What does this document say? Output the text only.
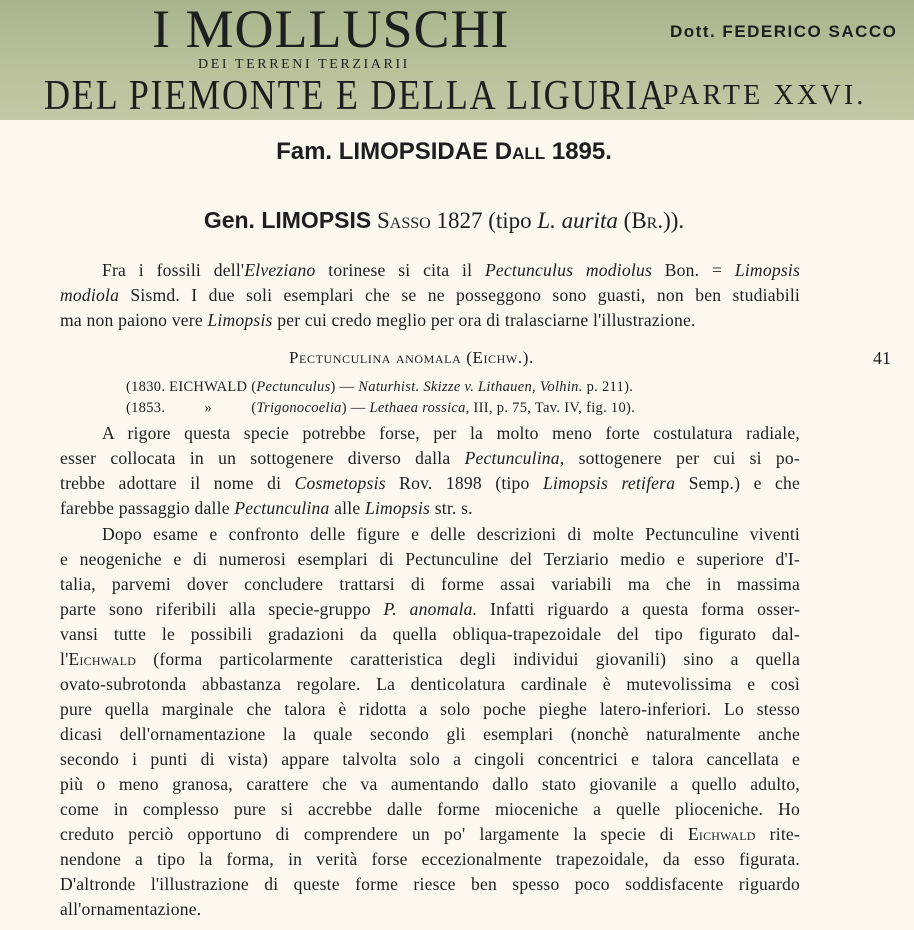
I MOLLUSCHI	Dott. FEDERICO SACCO
DEI TERRENI TERZIARII
DEL PIEMONTE E DELLA LIGURIA
PARTE XXVI.
Fam. LIMOPSIDAE Dall 1895.
Gen. LIMOPSIS Sasso 1827 (tipo L. aurita (Br.)).
Fra i fossili dell'Elveziano torinese si cita il Pectunculus modiolus Bon. = Limopsis
modiola Sismd. I due soli esemplari che se ne posseggono sono guasti, non ben studiabili
ma non paiono vere Limopsis per cui credo meglio per ora di tralasciarne l'illustrazione.
Pectunculina anomala (Eichw.).	41
(1830. EICHWALD (Pectunculus) — Naturhist. Skizze v. Lithauen, Volhin. p. 211).
(1853.          »          (Trigonocoelia) — Lethaea rossica, III, p. 75, Tav. IV, fig. 10).
A rigore questa specie potrebbe forse, per la molto meno forte costulatura radiale,
esser collocata in un sottogenere diverso dalla Pectunculina, sottogenere per cui si po-
trebbe adottare il nome di Cosmetopsis Rov. 1898 (tipo Limopsis retifera Semp.) e che
farebbe passaggio dalle Pectunculina alle Limopsis str. s.
Dopo esame e confronto delle figure e delle descrizioni di molte Pectunculine viventi
e neogeniche e di numerosi esemplari di Pectunculine del Terziario medio e superiore d'I-
talia, parvemi dover concludere trattarsi di forme assai variabili ma che in massima
parte sono riferibili alla specie-gruppo P. anomala. Infatti riguardo a questa forma osser-
vansi tutte le possibili gradazioni da quella obliqua-trapezoidale del tipo figurato dal-
l'Eichwald (forma particolarmente caratteristica degli individui giovanili) sino a quella
ovato-subrotonda abbastanza regolare. La denticolatura cardinale è mutevolissima e così
pure quella marginale che talora è ridotta a solo poche pieghe latero-inferiori. Lo stesso
dicasi dell'ornamentazione la quale secondo gli esemplari (nonchè naturalmente anche
secondo i punti di vista) appare talvolta solo a cingoli concentrici e talora cancellata e
più o meno granosa, carattere che va aumentando dallo stato giovanile a quello adulto,
come in complesso pure si accrebbe dalle forme mioceniche a quelle plioceniche. Ho
creduto perciò opportuno di comprendere un po' largamente la specie di Eichwald rite-
nendone a tipo la forma, in verità forse eccezionalmente trapezoidale, da esso figurata.
D'altronde l'illustrazione di queste forme riesce ben spesso poco soddisfacente riguardo
all'ornamentazione.
